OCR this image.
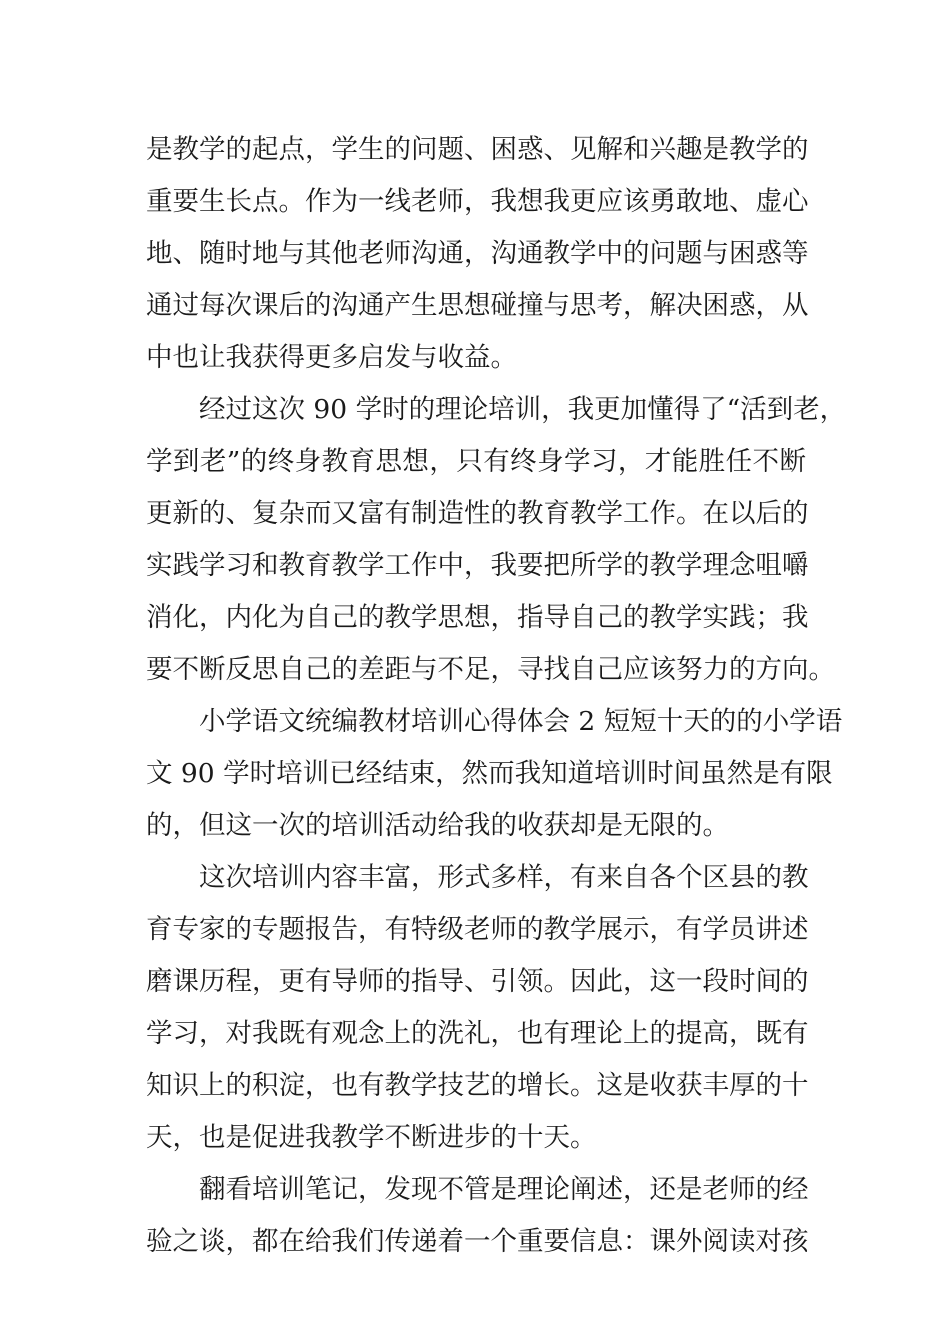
是教学的起点，学生的问题、困惑、见解和兴趣是教学的
重要生长点。作为一线老师，我想我更应该勇敢地、虚心
地、随时地与其他老师沟通，沟通教学中的问题与困惑等
通过每次课后的沟通产生思想碰撞与思考，解决困惑，从
中也让我获得更多启发与收益。
经过这次 90 学时的理论培训，我更加懂得了“活到老，
学到老”的终身教育思想，只有终身学习，才能胜任不断
更新的、复杂而又富有制造性的教育教学工作。在以后的
实践学习和教育教学工作中，我要把所学的教学理念咀嚼
消化，内化为自己的教学思想，指导自己的教学实践；我
要不断反思自己的差距与不足，寻找自己应该努力的方向。
小学语文统编教材培训心得体会 2 短短十天的的小学语
文 90 学时培训已经结束，然而我知道培训时间虽然是有限
的，但这一次的培训活动给我的收获却是无限的。
这次培训内容丰富，形式多样，有来自各个区县的教
育专家的专题报告，有特级老师的教学展示，有学员讲述
磨课历程，更有导师的指导、引领。因此，这一段时间的
学习，对我既有观念上的洗礼，也有理论上的提高，既有
知识上的积淀，也有教学技艺的增长。这是收获丰厚的十
天，也是促进我教学不断进步的十天。
翻看培训笔记，发现不管是理论阐述，还是老师的经
验之谈，都在给我们传递着一个重要信息：课外阅读对孩
